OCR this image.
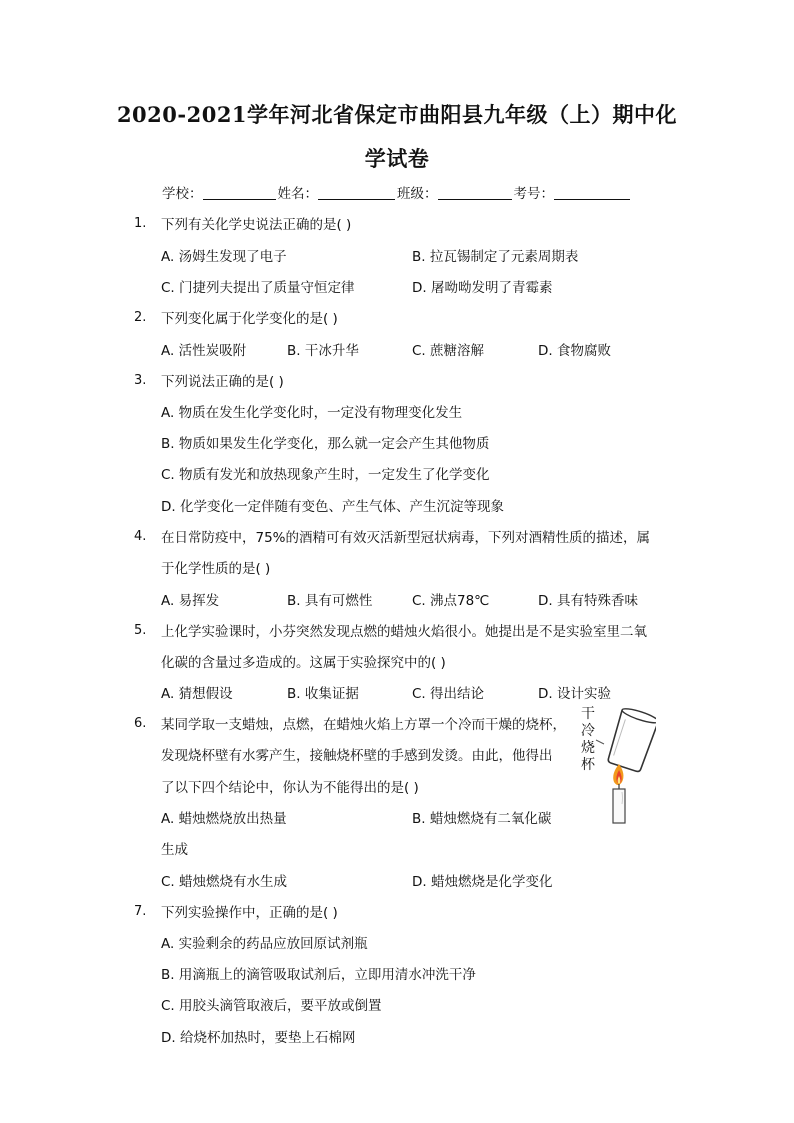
2020-2021学年河北省保定市曲阳县九年级（上）期中化
学试卷
学校：	姓名：	班级：	考号：
1. 下列有关化学史说法正确的是( )
A. 汤姆生发现了电子	B. 拉瓦锡制定了元素周期表
C. 门捷列夫提出了质量守恒定律	D. 屠呦呦发明了青霉素
2. 下列变化属于化学变化的是( )
A. 活性炭吸附	B. 干冰升华	C. 蔗糖溶解	D. 食物腐败
3. 下列说法正确的是( )
A. 物质在发生化学变化时，一定没有物理变化发生
B. 物质如果发生化学变化，那么就一定会产生其他物质
C. 物质有发光和放热现象产生时，一定发生了化学变化
D. 化学变化一定伴随有变色、产生气体、产生沉淀等现象
4. 在日常防疫中，75%的酒精可有效灭活新型冠状病毒，下列对酒精性质的描述，属
于化学性质的是( )
A. 易挥发	B. 具有可燃性	C. 沸点78℃	D. 具有特殊香味
5. 上化学实验课时，小芬突然发现点燃的蜡烛火焰很小。她提出是不是实验室里二氧
化碳的含量过多造成的。这属于实验探究中的( )
A. 猜想假设	B. 收集证据	C. 得出结论	D. 设计实验
6. 某同学取一支蜡烛，点燃，在蜡烛火焰上方罩一个冷而干燥的烧杯，
发现烧杯壁有水雾产生，接触烧杯壁的手感到发烫。由此，他得出
了以下四个结论中，你认为不能得出的是( )
A. 蜡烛燃烧放出热量	B. 蜡烛燃烧有二氧化碳
生成
C. 蜡烛燃烧有水生成	D. 蜡烛燃烧是化学变化
干
冷
烧
杯
7. 下列实验操作中，正确的是( )
A. 实验剩余的药品应放回原试剂瓶
B. 用滴瓶上的滴管吸取试剂后，立即用清水冲洗干净
C. 用胶头滴管取液后，要平放或倒置
D. 给烧杯加热时，要垫上石棉网
